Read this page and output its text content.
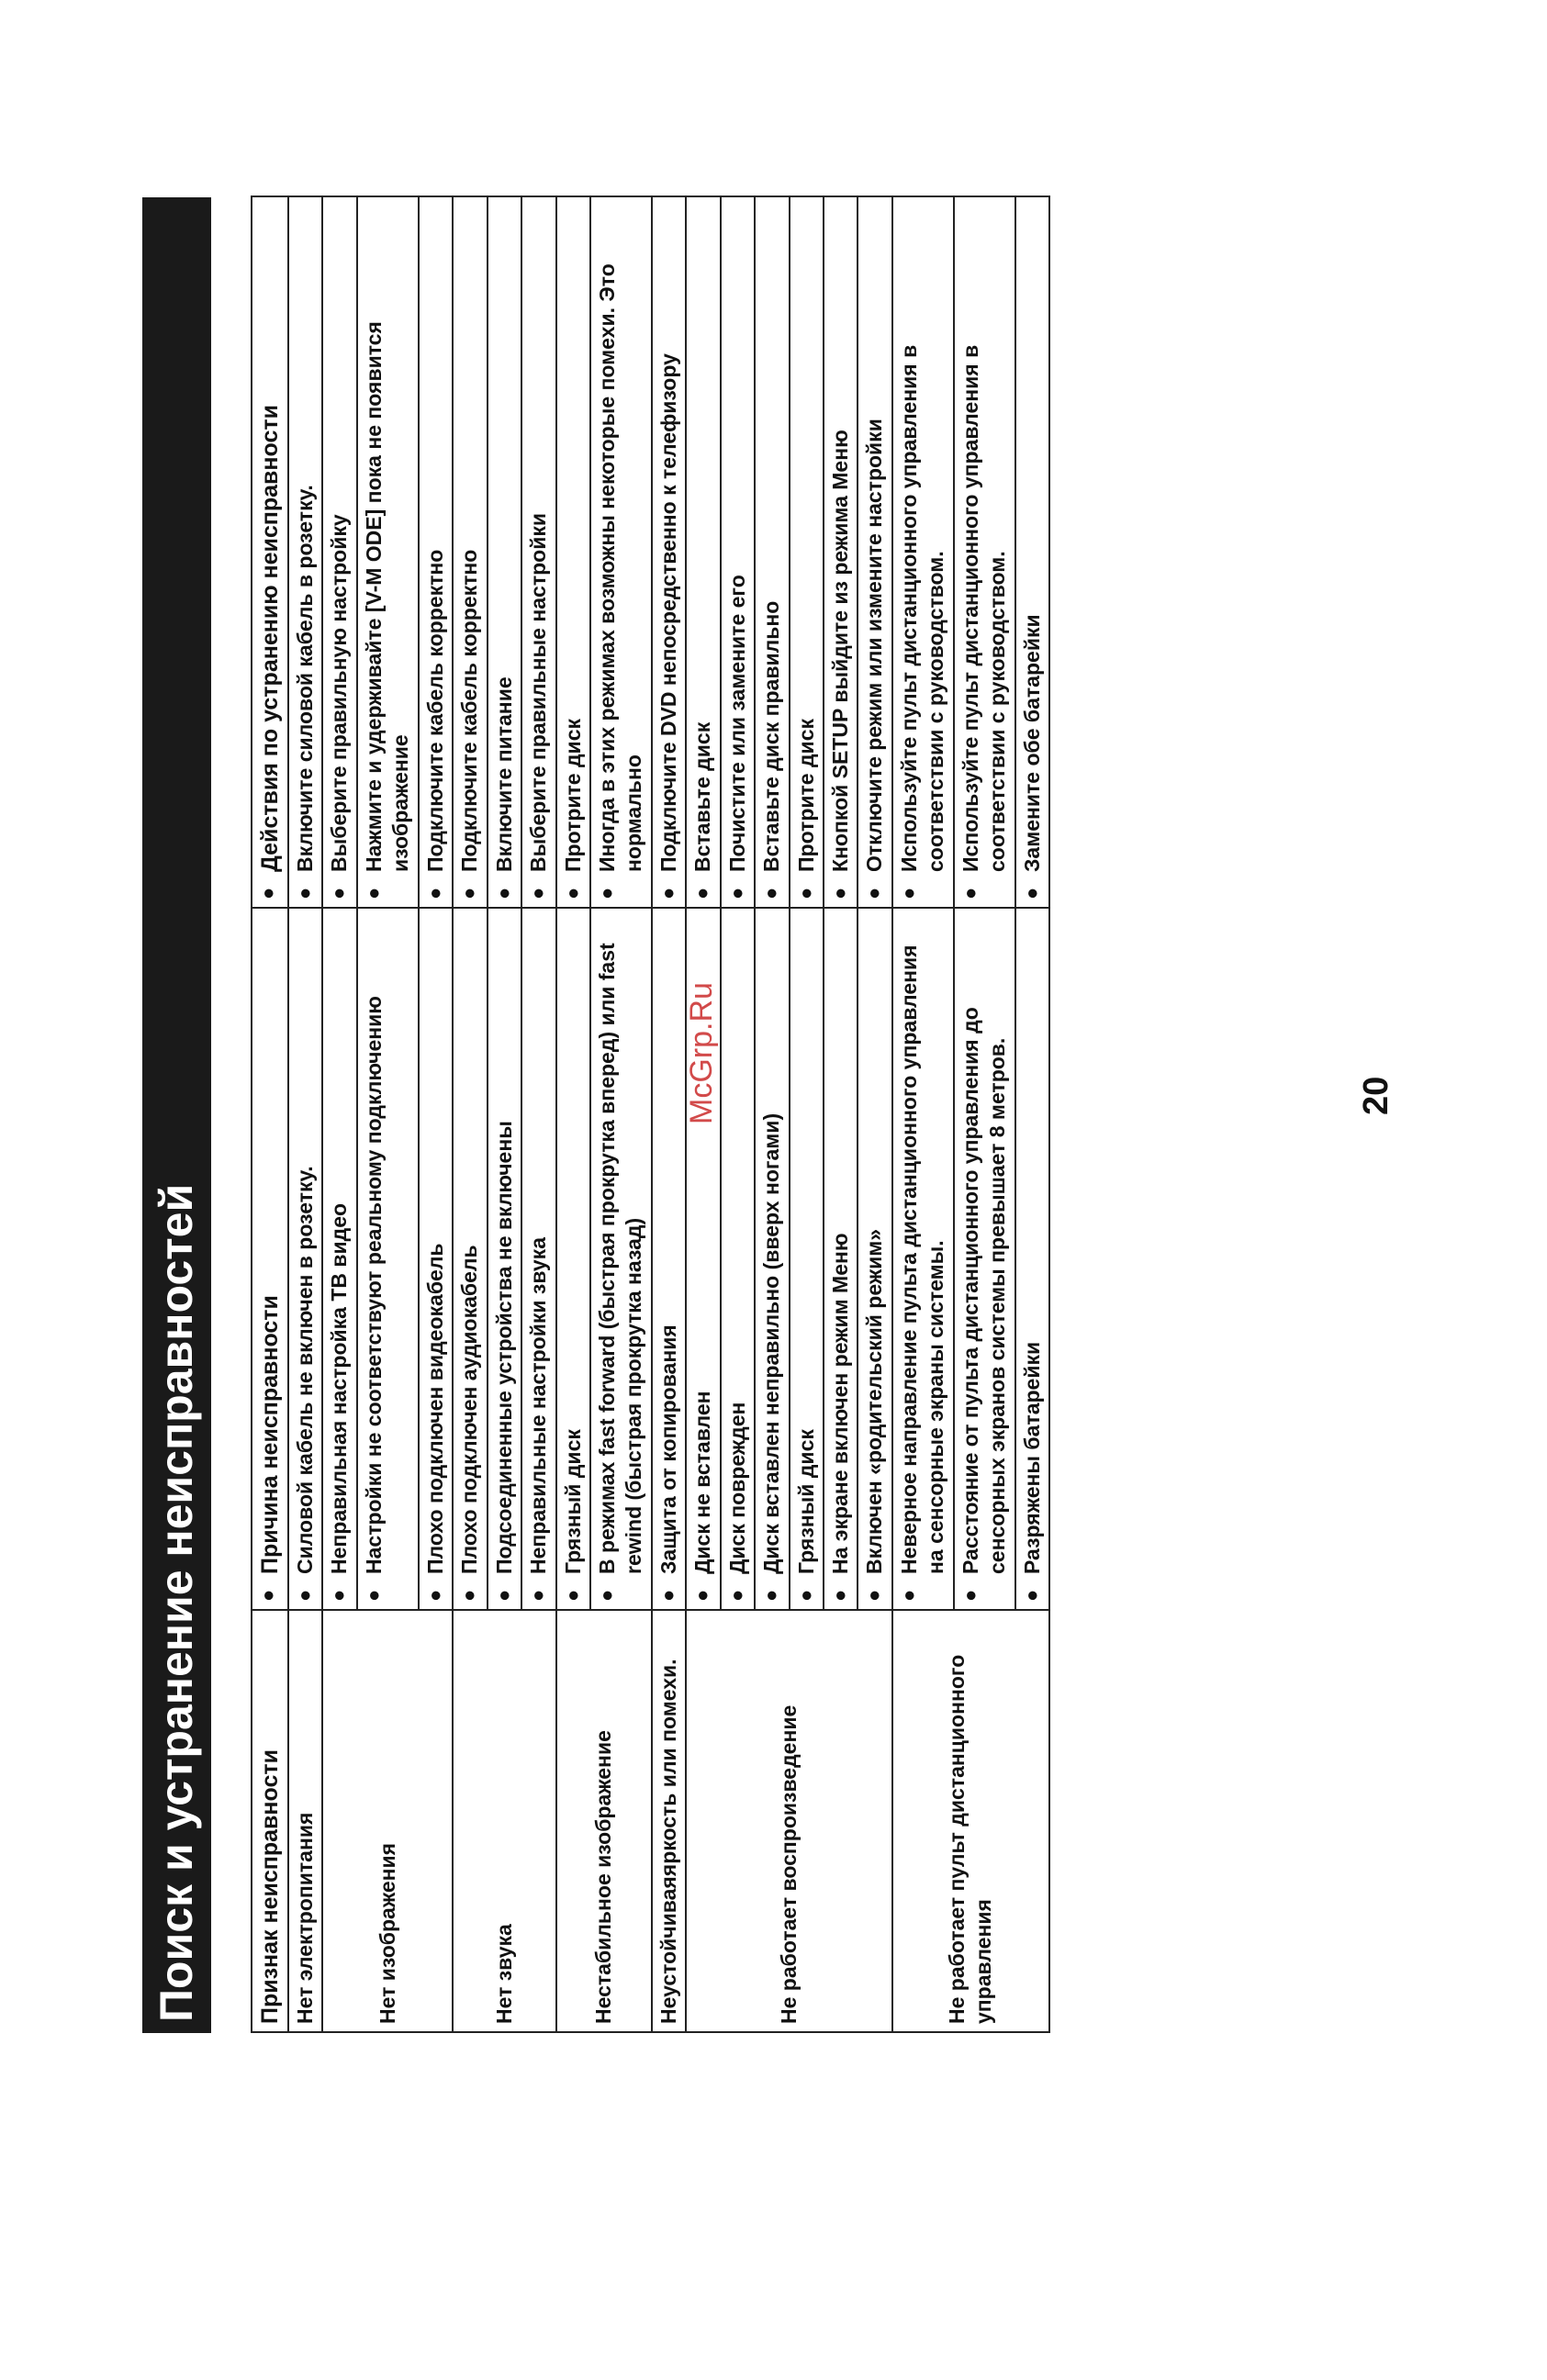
Поиск и устранение неисправностей	Признак неисправности	●Причина неисправности	●Действия по устранению неисправности
Нет электропитания	●Силовой кабель не включен в розетку.	●Включите силовой кабель в розетку.
Нет изображения	●Неправильная настройка ТВ видео	●Выберите правильную настройку
	●Настройки не соответствуют реальному подключению	●Нажмите и удерживайте [V-M ODE] пока не появится изображение
	●Плохо подключен видеокабель	●Подключите кабель корректно
Нет звука	●Плохо подключен аудиокабель	●Подключите кабель корректно
	●Подсоединенные устройства не включены	●Включите питание
	●Неправильные настройки звука	●Выберите правильные настройки
Нестабильное изображение	●Грязный диск	●Протрите диск
	●В режимах fast forward (быстрая прокрутка вперед) или fast rewind (быстрая прокрутка назад)	●Иногда в этих режимах возможны некоторые помехи. Это нормально
Неустойчиваяяркость или помехи.	●Защита от копирования	●Подключите DVD непосредственно к телефизору
Не работает воспроизведение	●Диск не вставлен	●Вставьте диск
	●Диск поврежден	●Почистите или замените его
	●Диск вставлен неправильно (вверх ногами)	●Вставьте диск правильно
	●Грязный диск	●Протрите диск
	●На экране включен режим Меню	●Кнопкой SETUP выйдите из режима Меню
	●Включен «родительский режим»	●Отключите режим или измените настройки
Не работает пульт дистанционного управления	●Неверное направление пульта дистанционного управления на сенсорные экраны системы.	●Используйте пульт дистанционного управления в соответствии с руководством.
	●Расстояние от пульта дистанционного управления до сенсорных экранов системы превышает 8 метров.	●Используйте пульт дистанционного управления в соответствии с руководством.
	●Разряжены батарейки	●Замените обе батарейки
McGrp.Ru	20
